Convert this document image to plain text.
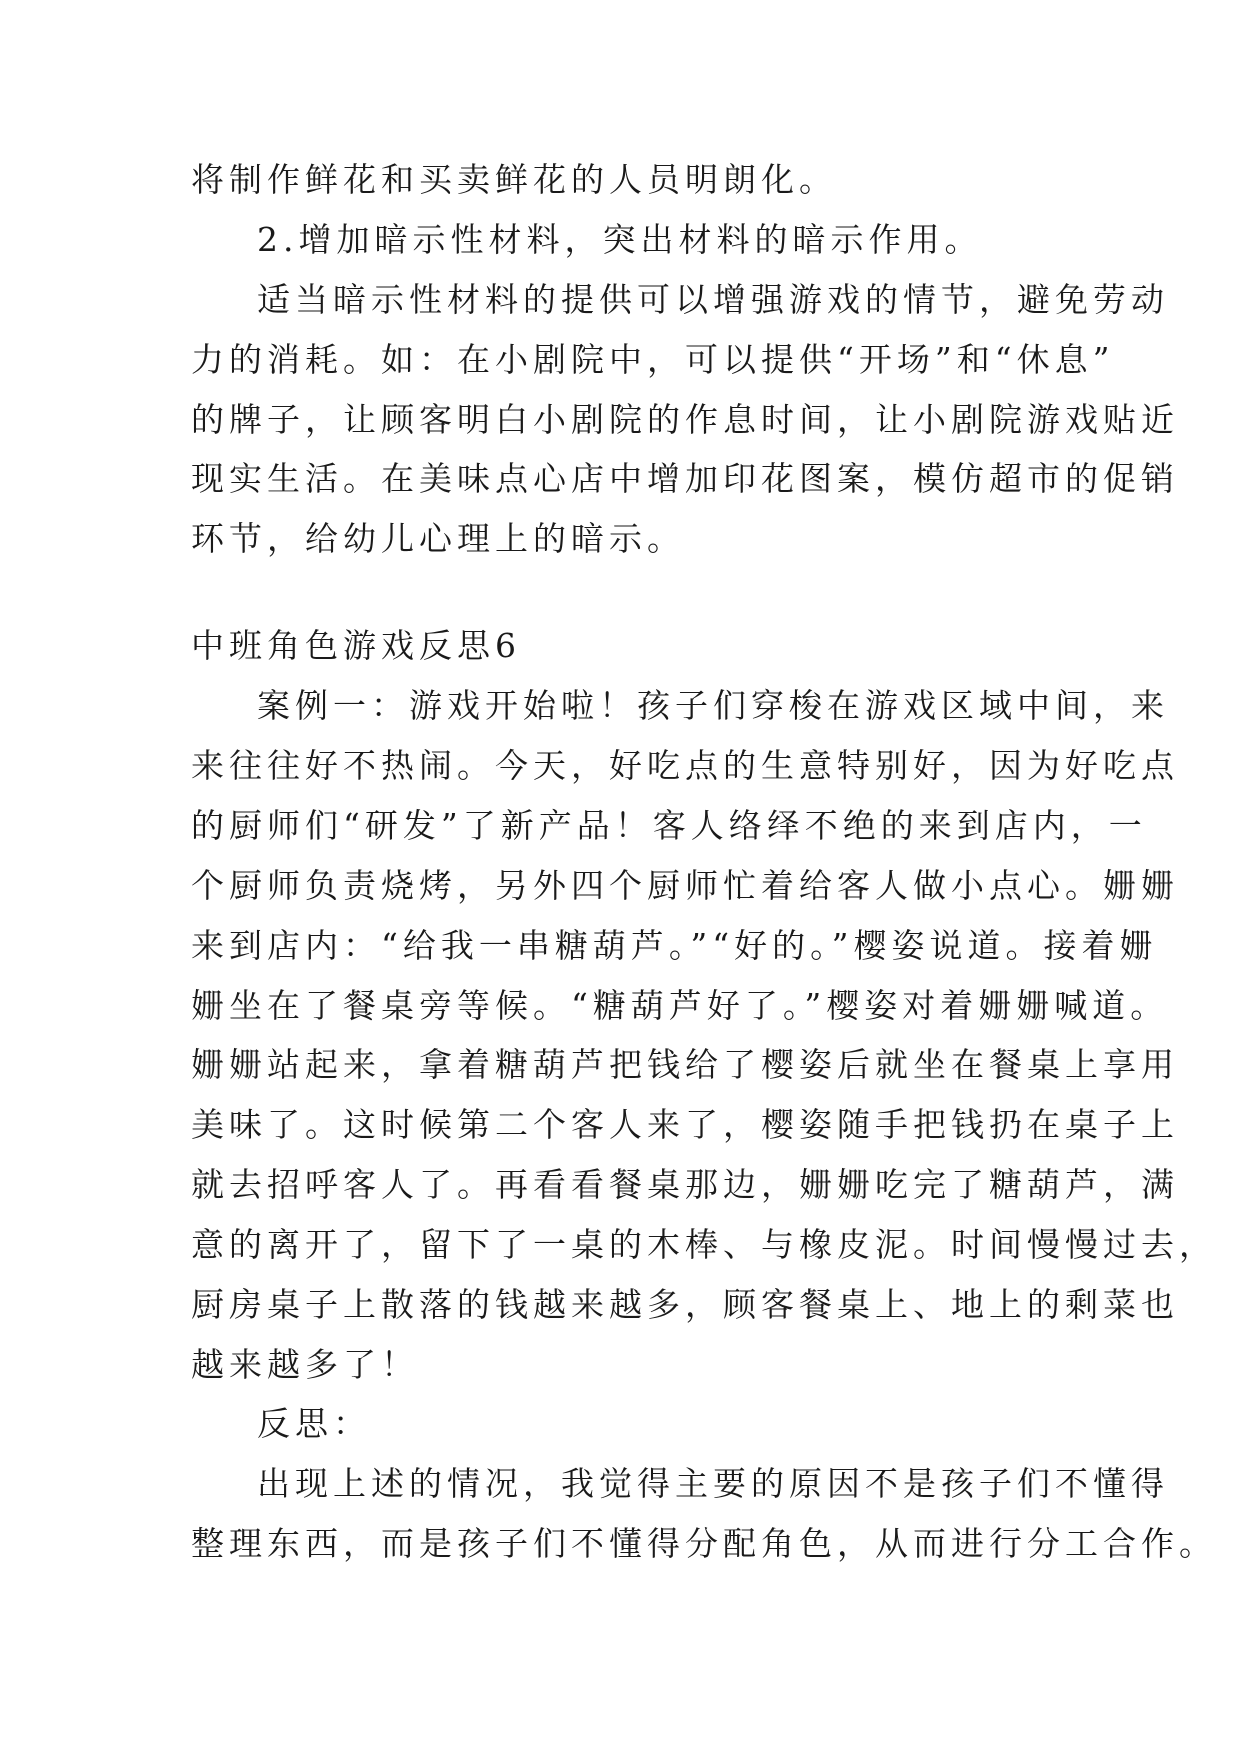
将制作鲜花和买卖鲜花的人员明朗化。
2.增加暗示性材料，突出材料的暗示作用。
适当暗示性材料的提供可以增强游戏的情节，避免劳动
力的消耗。如：在小剧院中，可以提供“开场”和“休息”
的牌子，让顾客明白小剧院的作息时间，让小剧院游戏贴近
现实生活。在美味点心店中增加印花图案，模仿超市的促销
环节，给幼儿心理上的暗示。
中班角色游戏反思6
案例一：游戏开始啦！孩子们穿梭在游戏区域中间，来
来往往好不热闹。今天，好吃点的生意特别好，因为好吃点
的厨师们“研发”了新产品！客人络绎不绝的来到店内，一
个厨师负责烧烤，另外四个厨师忙着给客人做小点心。姗姗
来到店内：“给我一串糖葫芦。”“好的。”樱姿说道。接着姗
姗坐在了餐桌旁等候。“糖葫芦好了。”樱姿对着姗姗喊道。
姗姗站起来，拿着糖葫芦把钱给了樱姿后就坐在餐桌上享用
美味了。这时候第二个客人来了，樱姿随手把钱扔在桌子上
就去招呼客人了。再看看餐桌那边，姗姗吃完了糖葫芦，满
意的离开了，留下了一桌的木棒、与橡皮泥。时间慢慢过去，
厨房桌子上散落的钱越来越多，顾客餐桌上、地上的剩菜也
越来越多了！
反思：
出现上述的情况，我觉得主要的原因不是孩子们不懂得
整理东西，而是孩子们不懂得分配角色，从而进行分工合作。
